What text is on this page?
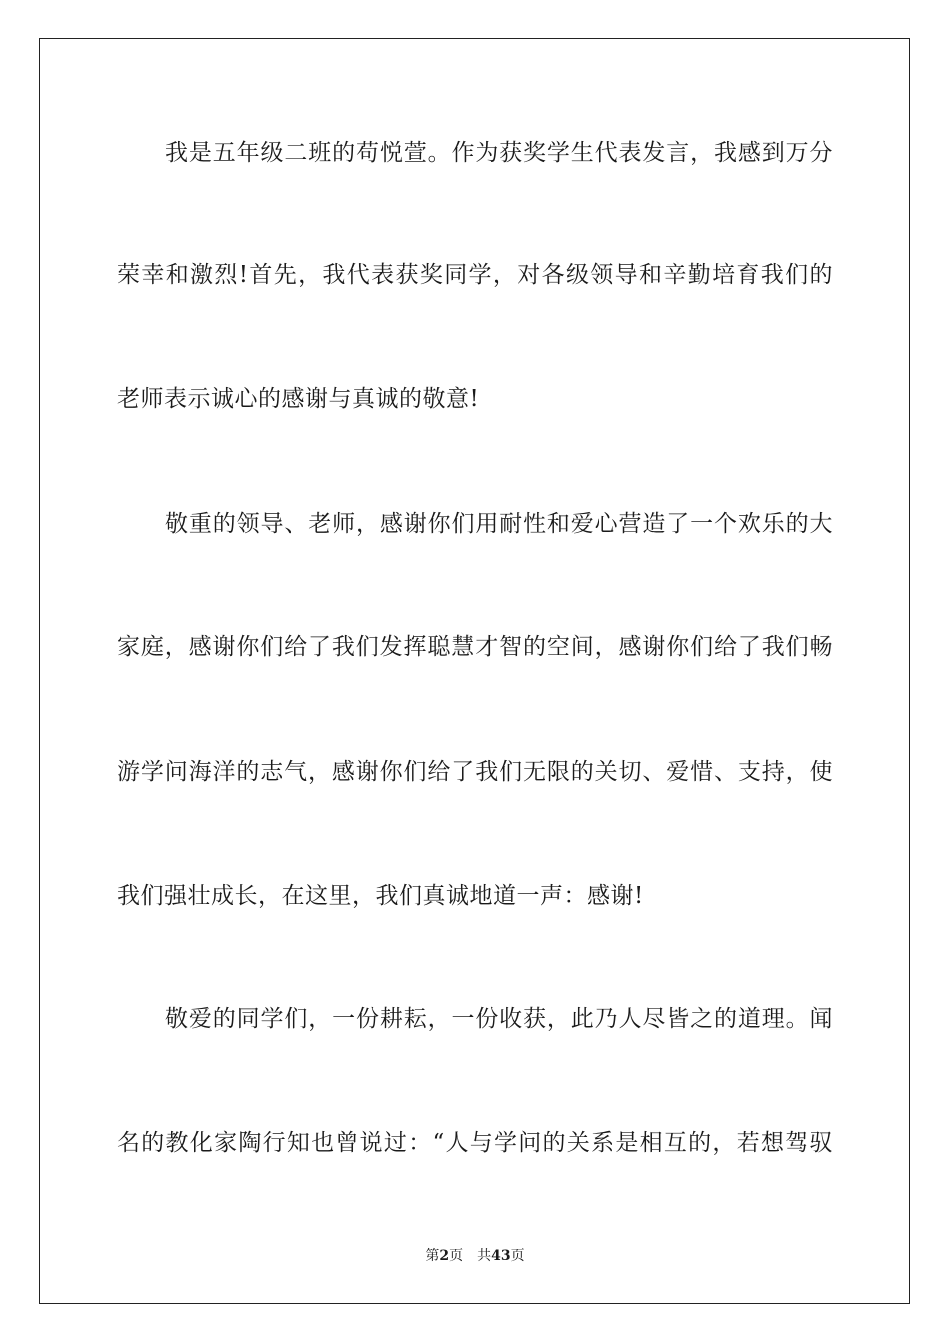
我是五年级二班的苟悦萱。作为获奖学生代表发言，我感到万分
荣幸和激烈!首先，我代表获奖同学，对各级领导和辛勤培育我们的
老师表示诚心的感谢与真诚的敬意!
敬重的领导、老师，感谢你们用耐性和爱心营造了一个欢乐的大
家庭，感谢你们给了我们发挥聪慧才智的空间，感谢你们给了我们畅
游学问海洋的志气，感谢你们给了我们无限的关切、爱惜、支持，使
我们强壮成长，在这里，我们真诚地道一声：感谢!
敬爱的同学们，一份耕耘，一份收获，此乃人尽皆之的道理。闻
名的教化家陶行知也曾说过：“人与学问的关系是相互的，若想驾驭
第2页 共43页
